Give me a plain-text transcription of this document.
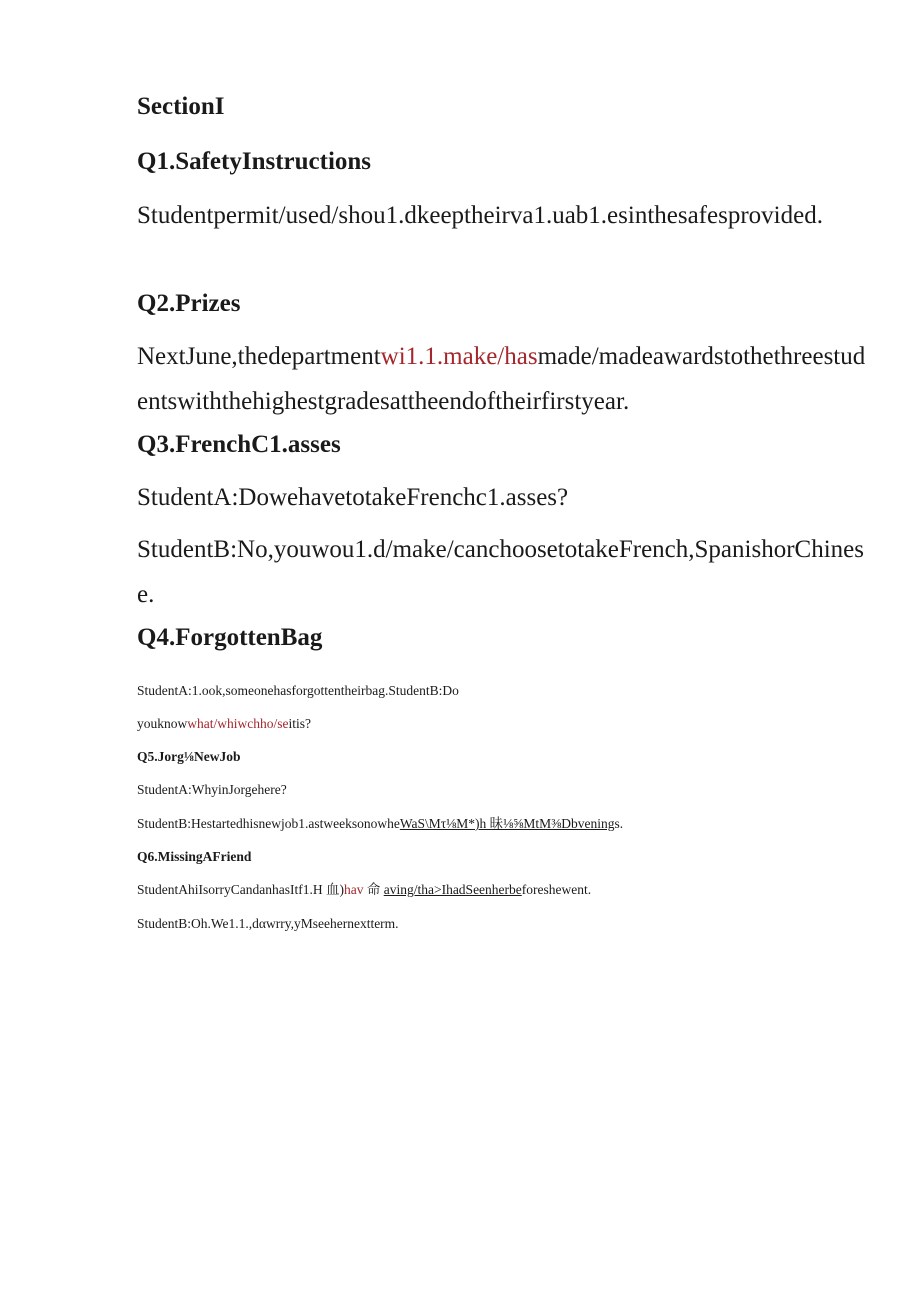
SectionI
Q1.SafetyInstructions
Studentpermit/used/shou1.dkeeptheirva1.uab1.esinthesafesprovided.
Q2.Prizes
NextJune,thedepartmentwi1.1.make/hasmade/madeawardstothethreestudentswiththehighestgradesattheendoftheirfirstyear.
Q3.FrenchC1.asses
StudentA:DowehavetotakeFrenchc1.asses?
StudentB:No,youwou1.d/make/canchoosetotakeFrench,SpanishorChinese.
Q4.ForgottenBag
StudentA:1.ook,someonehasforgottentheirbag.StudentB:Do
youknowwhat/whiwchho/seitis?
Q5.Jorg⅛NewJob
StudentA:WhyinJorgehere?
StudentB:Hestartedhisnewjob1.astweeksonowheWaS\Mτ⅛M*)h 昧⅛⅝MtM⅜Dbvenings.
Q6.MissingAFriend
StudentAhiIsorryCandanhasItf1.H 血)hav 命 aving/tha>IhadSeenherbeforeshewent.
StudentB:Oh.We1.1.,dαwrry,yMseehernextterm.
